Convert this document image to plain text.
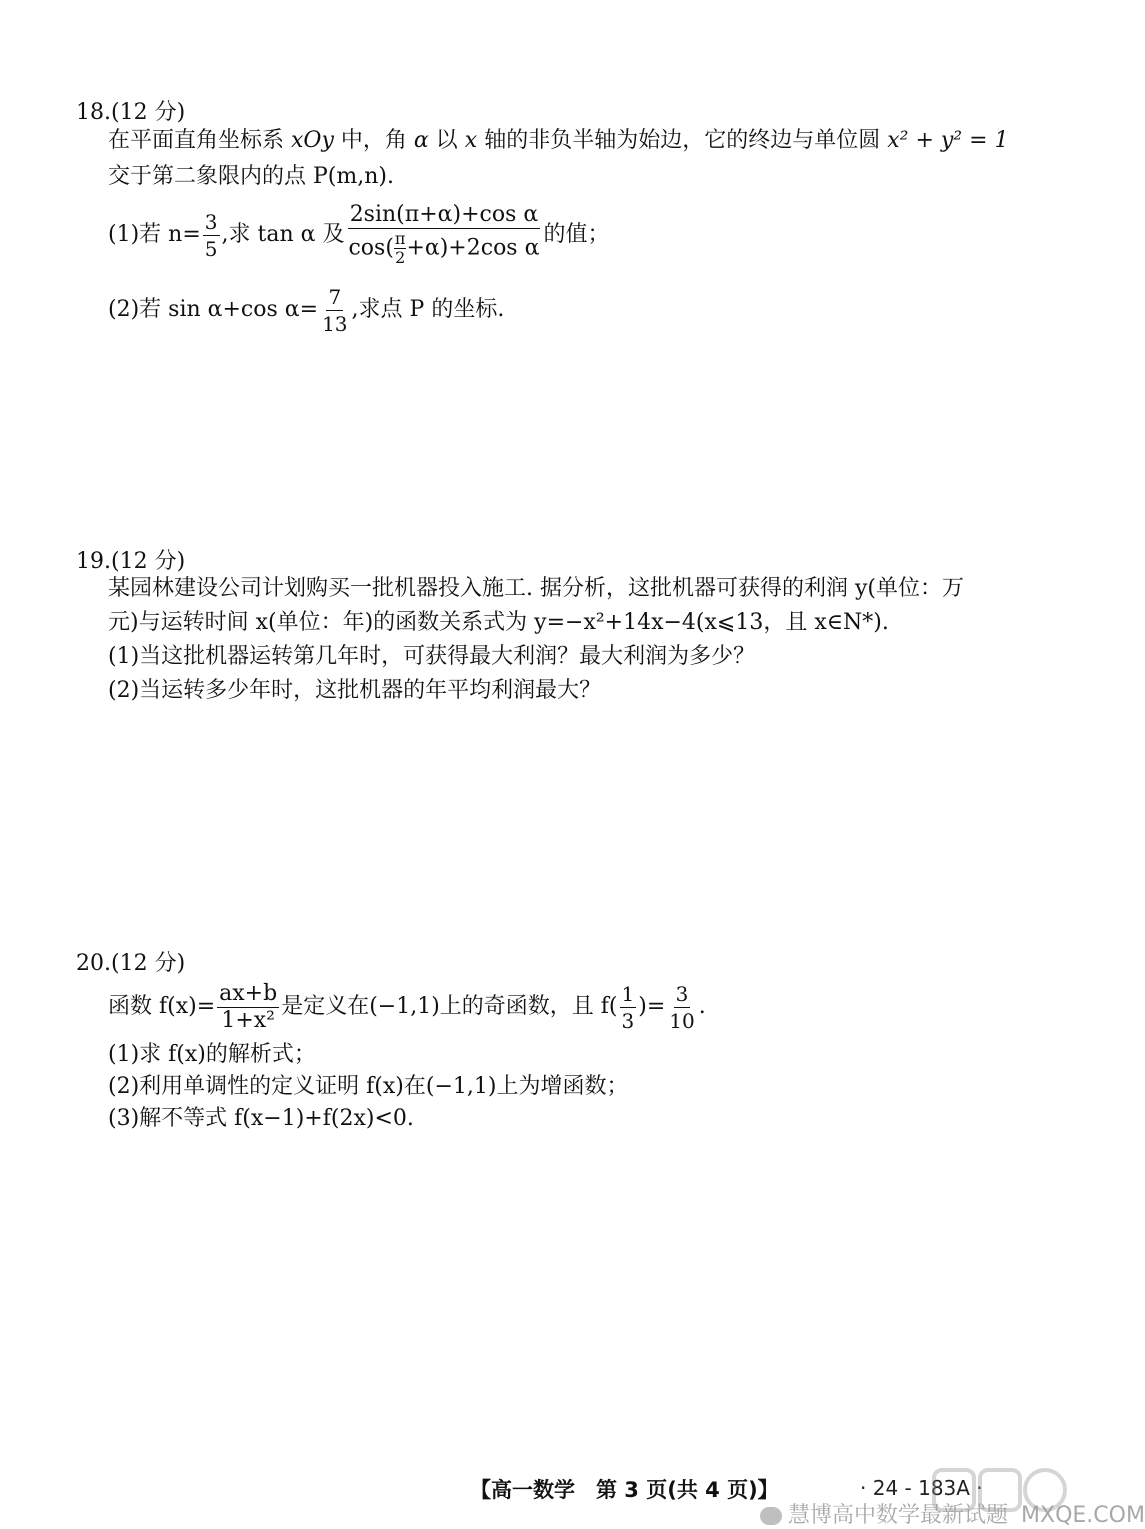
18.(12 分)
在平面直角坐标系 xOy 中，角 α 以 x 轴的非负半轴为始边，它的终边与单位圆 x² + y² = 1
交于第二象限内的点 P(m,n).
(1)若 $n= \frac{3}{5}$ ,求 tan α 及 $\frac{\text{2sin(π+α)+cos α}}{\cos( \frac{\pi}{2} +\alpha)+2\cos \alpha}$ 的值；
(2)若 sin α+cos $\alpha= \frac{7}{13}$ ,求点 P 的坐标.
19.(12 分)
某园林建设公司计划购买一批机器投入施工. 据分析，这批机器可获得的利润 y(单位：万
元)与运转时间 x(单位：年)的函数关系式为 y=−x²+14x−4(x⩽13，且 x∈N*).
(1)当这批机器运转第几年时，可获得最大利润？最大利润为多少？
(2)当运转多少年时，这批机器的年平均利润最大？
20.(12 分)
函数 $f(x)= \frac{ax+b}{\text{1+x²}}$ 是定义在(−1,1)上的奇函数，且 $f( \frac{1}{3}$ )= $\frac{3}{10}$ .
(1)求 f(x)的解析式；
(2)利用单调性的定义证明 f(x)在(−1,1)上为增函数；
(3)解不等式 f(x−1)+f(2x)<0.
【高一数学　第 3 页(共 4 页)】	· 24 - 183A ·
慧博高中数学最新试题 MXQE.COM
